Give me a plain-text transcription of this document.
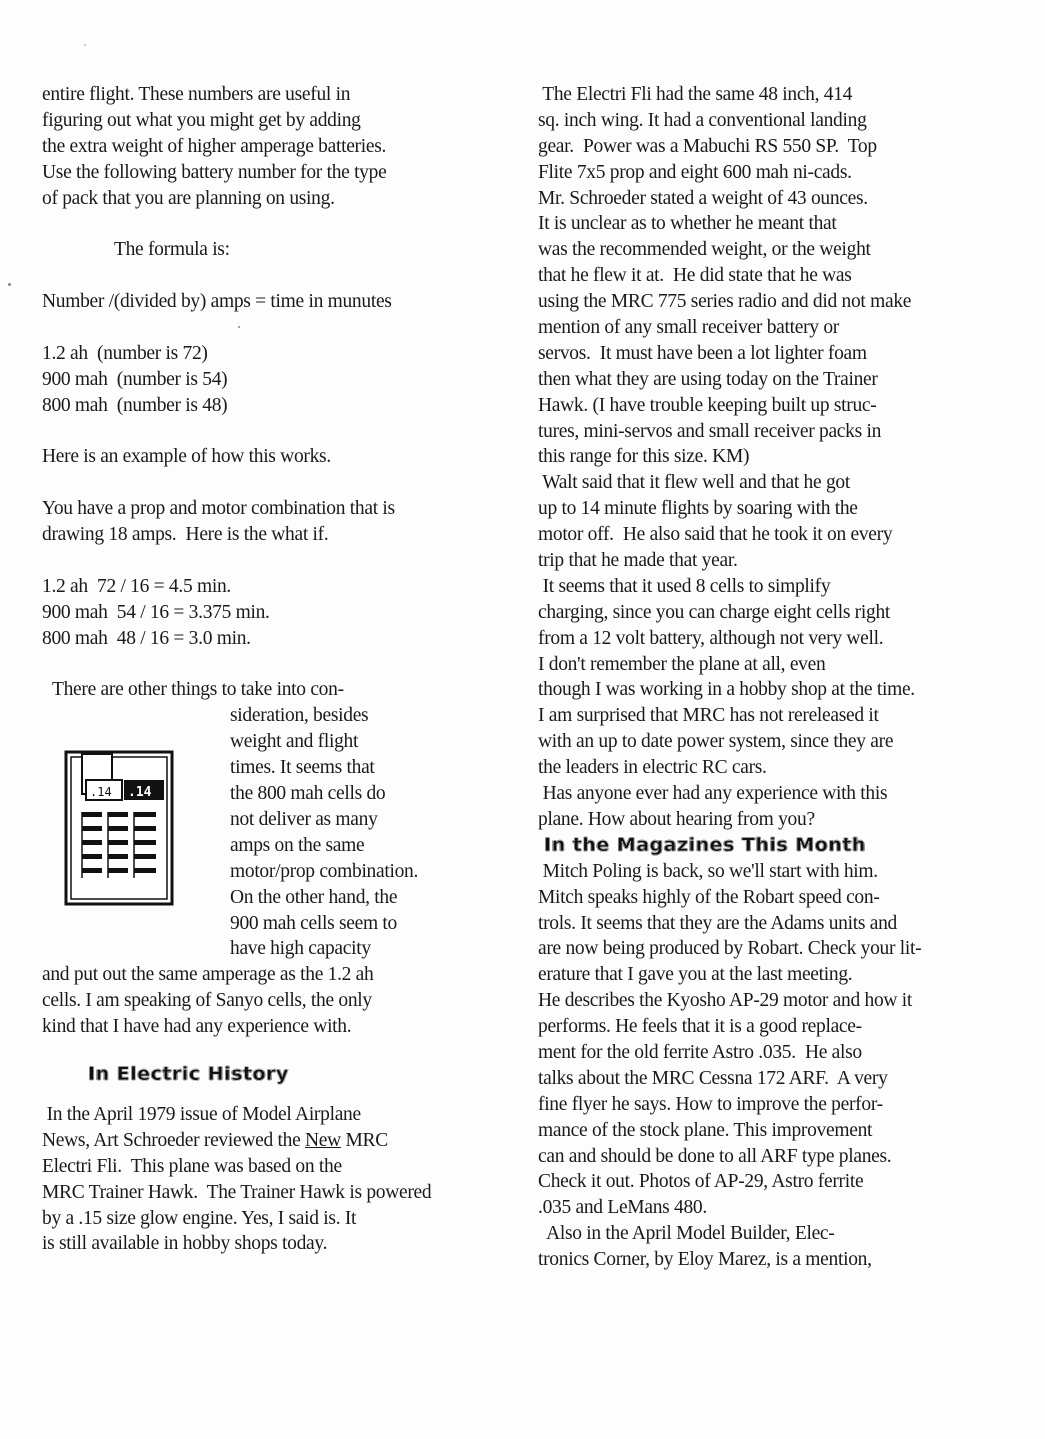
entire flight. These numbers are useful in
figuring out what you might get by adding
the extra weight of higher amperage batteries.
Use the following battery number for the type
of pack that you are planning on using.
The formula is:
Number /(divided by) amps = time in munutes
1.2 ah  (number is 72)
900 mah  (number is 54)
800 mah  (number is 48)
Here is an example of how this works.
You have a prop and motor combination that is
drawing 18 amps.  Here is the what if.
1.2 ah  72 / 16 = 4.5 min.
900 mah  54 / 16 = 3.375 min.
800 mah  48 / 16 = 3.0 min.
There are other things to take into con-
sideration, besides
weight and flight
times. It seems that
the 800 mah cells do
not deliver as many
amps on the same
motor/prop combination.
On the other hand, the
900 mah cells seem to
have high capacity
and put out the same amperage as the 1.2 ah
cells. I am speaking of Sanyo cells, the only
kind that I have had any experience with.
In Electric History
In the April 1979 issue of Model Airplane
News, Art Schroeder reviewed the New MRC
Electri Fli.  This plane was based on the
MRC Trainer Hawk.  The Trainer Hawk is powered
by a .15 size glow engine. Yes, I said is. It
is still available in hobby shops today.
.14 .14
The Electri Fli had the same 48 inch, 414
sq. inch wing. It had a conventional landing
gear.  Power was a Mabuchi RS 550 SP.  Top
Flite 7x5 prop and eight 600 mah ni-cads.
Mr. Schroeder stated a weight of 43 ounces.
It is unclear as to whether he meant that
was the recommended weight, or the weight
that he flew it at.  He did state that he was
using the MRC 775 series radio and did not make
mention of any small receiver battery or
servos.  It must have been a lot lighter foam
then what they are using today on the Trainer
Hawk. (I have trouble keeping built up struc-
tures, mini-servos and small receiver packs in
this range for this size. KM)
Walt said that it flew well and that he got
up to 14 minute flights by soaring with the
motor off.  He also said that he took it on every
trip that he made that year.
It seems that it used 8 cells to simplify
charging, since you can charge eight cells right
from a 12 volt battery, although not very well.
I don't remember the plane at all, even
though I was working in a hobby shop at the time.
I am surprised that MRC has not rereleased it
with an up to date power system, since they are
the leaders in electric RC cars.
Has anyone ever had any experience with this
plane. How about hearing from you?
In the Magazines This Month
Mitch Poling is back, so we'll start with him.
Mitch speaks highly of the Robart speed con-
trols. It seems that they are the Adams units and
are now being produced by Robart. Check your lit-
erature that I gave you at the last meeting.
He describes the Kyosho AP-29 motor and how it
performs. He feels that it is a good replace-
ment for the old ferrite Astro .035.  He also
talks about the MRC Cessna 172 ARF.  A very
fine flyer he says. How to improve the perfor-
mance of the stock plane. This improvement
can and should be done to all ARF type planes.
Check it out. Photos of AP-29, Astro ferrite
.035 and LeMans 480.
Also in the April Model Builder, Elec-
tronics Corner, by Eloy Marez, is a mention,
